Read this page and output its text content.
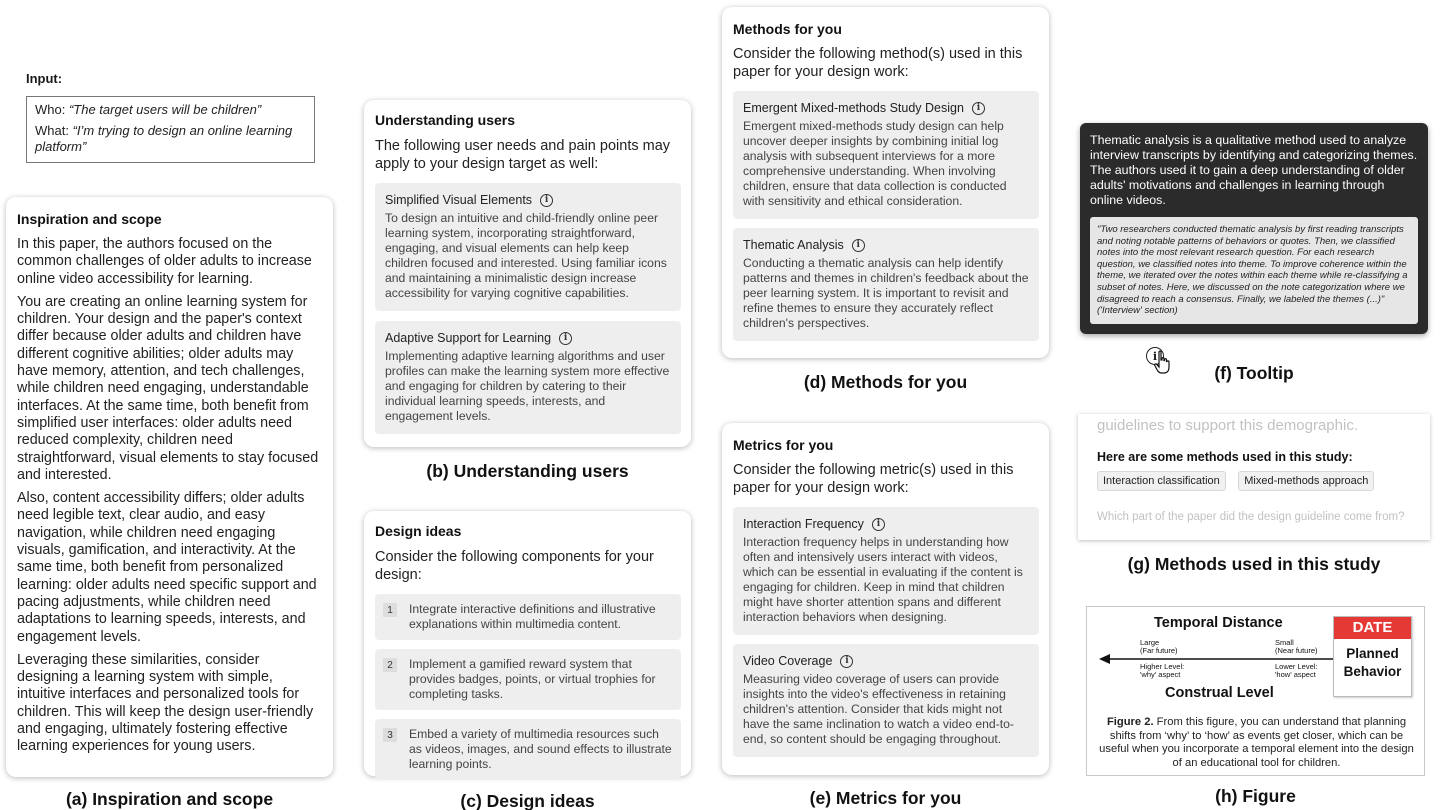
Input:
Who: “The target users will be children”
What: “I’m trying to design an online learning platform”
Inspiration and scope

In this paper, the authors focused on the common challenges of older adults to increase online video accessibility for learning.

You are creating an online learning system for children. Your design and the paper's context differ because older adults and children have different cognitive abilities; older adults may have memory, attention, and tech challenges, while children need engaging, understandable interfaces. At the same time, both benefit from simplified user interfaces: older adults need reduced complexity, children need straightforward, visual elements to stay focused and interested.

Also, content accessibility differs; older adults need legible text, clear audio, and easy navigation, while children need engaging visuals, gamification, and interactivity. At the same time, both benefit from personalized learning: older adults need specific support and pacing adjustments, while children need adaptations to learning speeds, interests, and engagement levels.

Leveraging these similarities, consider designing a learning system with simple, intuitive interfaces and personalized tools for children. This will keep the design user-friendly and engaging, ultimately fostering effective learning experiences for young users.

(a) Inspiration and scope
Understanding users
The following user needs and pain points may apply to your design target as well:
Simplified Visual Elements	i
To design an intuitive and child-friendly online peer learning system, incorporating straightforward, engaging, and visual elements can help keep children focused and interested. Using familiar icons and maintaining a minimalistic design increase accessibility for varying cognitive capabilities.
Adaptive Support for Learning	i
Implementing adaptive learning algorithms and user profiles can make the learning system more effective and engaging for children by catering to their individual learning speeds, interests, and engagement levels.
(b) Understanding users
Design ideas
Consider the following components for your design:
1	Integrate interactive definitions and illustrative explanations within multimedia content.
2	Implement a gamified reward system that provides badges, points, or virtual trophies for completing tasks.
3	Embed a variety of multimedia resources such as videos, images, and sound effects to illustrate learning points.
(c) Design ideas
Methods for you
Consider the following method(s) used in this paper for your design work:
Emergent Mixed-methods Study Design	i
Emergent mixed-methods study design can help uncover deeper insights by combining initial log analysis with subsequent interviews for a more comprehensive understanding. When involving children, ensure that data collection is conducted with sensitivity and ethical consideration.
Thematic Analysis	i
Conducting a thematic analysis can help identify patterns and themes in children's feedback about the peer learning system. It is important to revisit and refine themes to ensure they accurately reflect children's perspectives.
(d) Methods for you
Metrics for you
Consider the following metric(s) used in this paper for your design work:
Interaction Frequency	i
Interaction frequency helps in understanding how often and intensively users interact with videos, which can be essential in evaluating if the content is engaging for children. Keep in mind that children might have shorter attention spans and different interaction behaviors when designing.
Video Coverage	i
Measuring video coverage of users can provide insights into the video's effectiveness in retaining children's attention. Consider that kids might not have the same inclination to watch a video end-to-end, so content should be engaging throughout.
(e) Metrics for you
Thematic analysis is a qualitative method used to analyze interview transcripts by identifying and categorizing themes. The authors used it to gain a deep understanding of older adults' motivations and challenges in learning through online videos.
"Two researchers conducted thematic analysis by first reading transcripts and noting notable patterns of behaviors or quotes. Then, we classified notes into the most relevant research question. For each research question, we classified notes into theme. To improve coherence within the theme, we iterated over the notes within each theme while re-classifying a subset of notes. Here, we discussed on the note categorization where we disagreed to reach a consensus. Finally, we labeled the themes (...)" ('Interview' section)
i
(f) Tooltip
guidelines to support this demographic.
Here are some methods used in this study:
Interaction classification Mixed-methods approach
Which part of the paper did the design guideline come from?
(g) Methods used in this study
Temporal Distance
Large
(Far future)
Small
(Near future)
Higher Level:
'why' aspect
Lower Level:
'how' aspect
Construal Level
DATE
Planned
Behavior
Figure 2. From this figure, you can understand that planning shifts from ‘why’ to ‘how’ as events get closer, which can be useful when you incorporate a temporal element into the design of an educational tool for children.
(h) Figure
